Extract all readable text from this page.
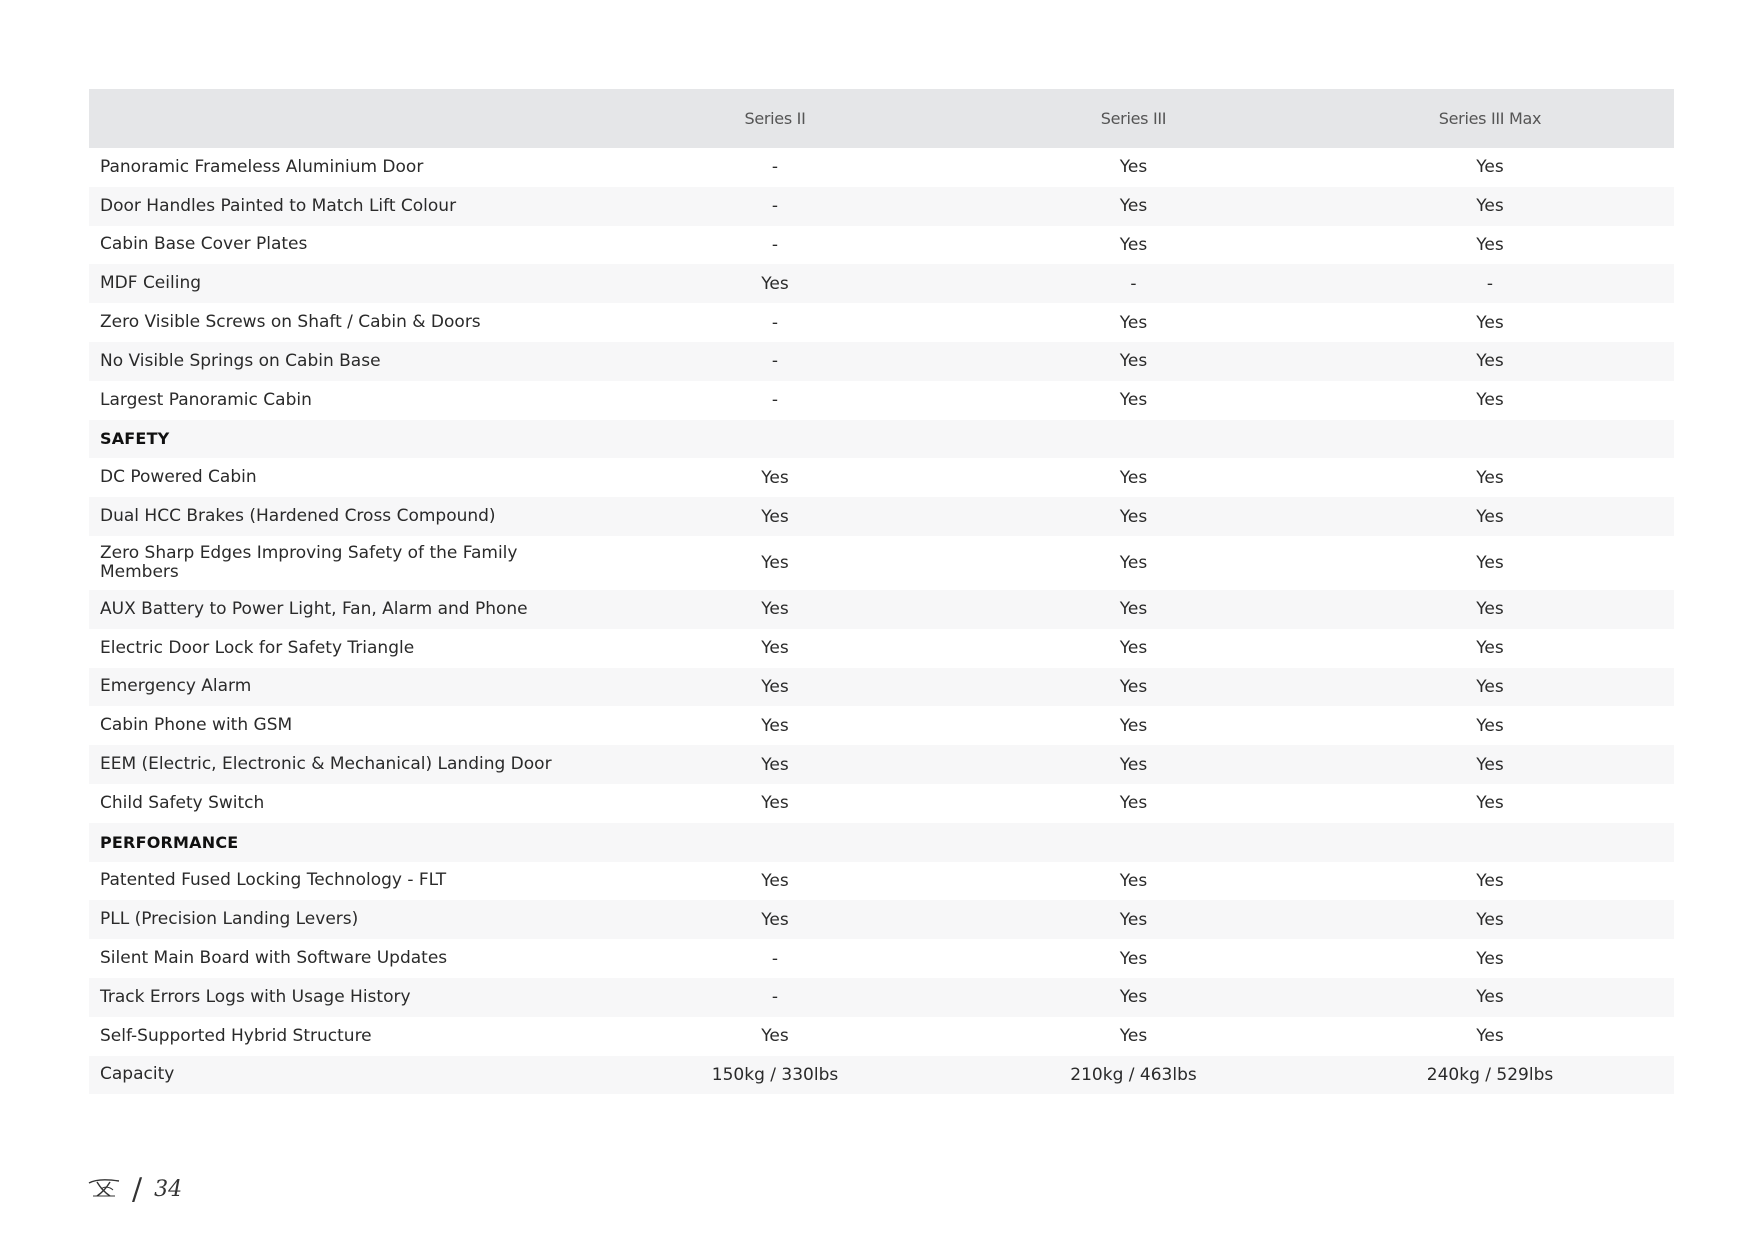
	Series II	Series III	Series III Max
Panoramic Frameless Aluminium Door	-	Yes	Yes
Door Handles Painted to Match Lift Colour	-	Yes	Yes
Cabin Base Cover Plates	-	Yes	Yes
MDF Ceiling	Yes	-	-
Zero Visible Screws on Shaft / Cabin & Doors	-	Yes	Yes
No Visible Springs on Cabin Base	-	Yes	Yes
Largest Panoramic Cabin	-	Yes	Yes
SAFETY			
DC Powered Cabin	Yes	Yes	Yes
Dual HCC Brakes (Hardened Cross Compound)	Yes	Yes	Yes
Zero Sharp Edges Improving Safety of the Family Members	Yes	Yes	Yes
AUX Battery to Power Light, Fan, Alarm and Phone	Yes	Yes	Yes
Electric Door Lock for Safety Triangle	Yes	Yes	Yes
Emergency Alarm	Yes	Yes	Yes
Cabin Phone with GSM	Yes	Yes	Yes
EEM (Electric, Electronic & Mechanical) Landing Door	Yes	Yes	Yes
Child Safety Switch	Yes	Yes	Yes
PERFORMANCE			
Patented Fused Locking Technology - FLT	Yes	Yes	Yes
PLL (Precision Landing Levers)	Yes	Yes	Yes
Silent Main Board with Software Updates	-	Yes	Yes
Track Errors Logs with Usage History	-	Yes	Yes
Self-Supported Hybrid Structure	Yes	Yes	Yes
Capacity	150kg / 330lbs	210kg / 463lbs	240kg / 529lbs
/ 34
